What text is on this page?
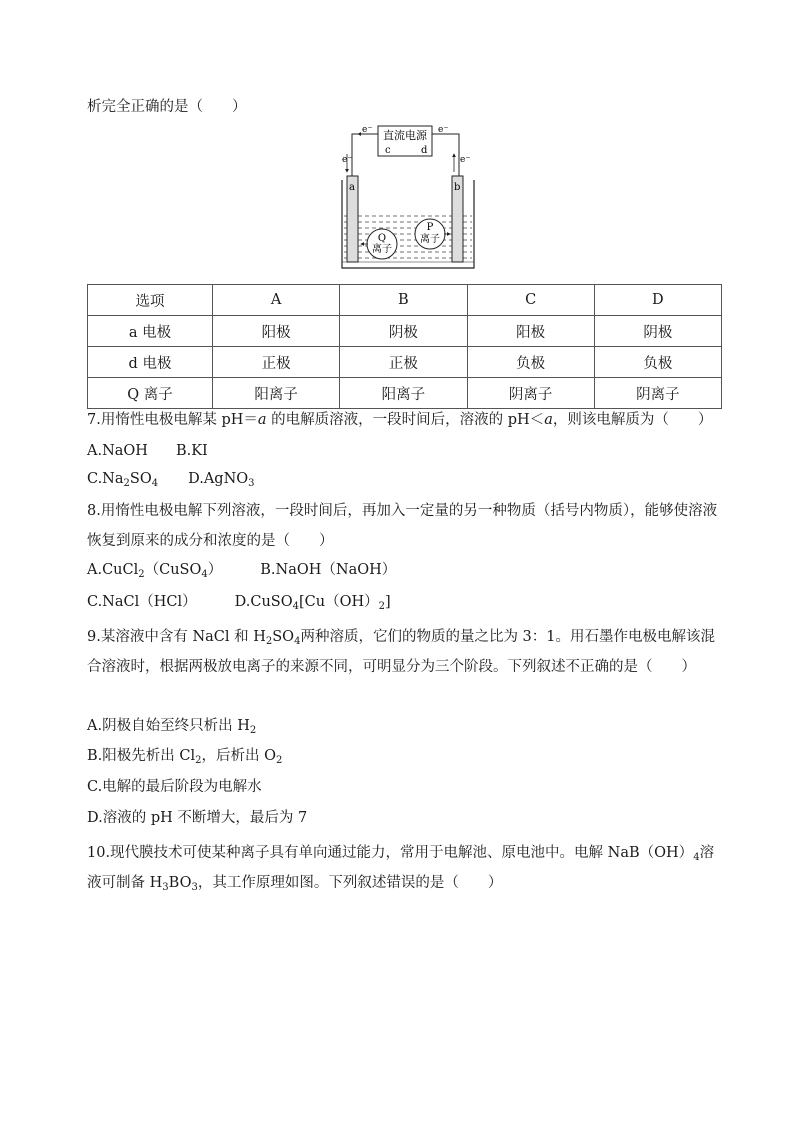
析完全正确的是（　　）
直流电源
c	d
e−	e−
e−	e−
a	b
Q
离子
P
离子
选项	A	B	C	D
a 电极	阳极	阴极	阳极	阴极
d 电极	正极	正极	负极	负极
Q 离子	阳离子	阳离子	阴离子	阴离子
7.用惰性电极电解某 pH＝a 的电解质溶液，一段时间后，溶液的 pH＜a，则该电解质为（　　）
A.NaOH B.KI
$C.Na_2SO_4$ D.AgNO$_3$
8.用惰性电极电解下列溶液，一段时间后，再加入一定量的另一种物质（括号内物质），能够使溶液恢复到原来的成分和浓度的是（　　）
A.CuCl$_2$（CuSO$_4$）	B.NaOH（NaOH）
C.NaCl（HCl）	$D.CuSO_4[Cu(OH)_2]$
9.某溶液中含有 NaCl 和 $H_2SO_4$两种溶质，它们的物质的量之比为 3：1。用石墨作电极电解该混合溶液时，根据两极放电离子的来源不同，可明显分为三个阶段。下列叙述不正确的是（　　）
A.阴极自始至终只析出 $H_2$
B.阳极先析出 $Cl_2$，后析出 $O_2$
C.电解的最后阶段为电解水
D.溶液的 pH 不断增大，最后为 7
10.现代膜技术可使某种离子具有单向通过能力，常用于电解池、原电池中。电解 $NaB(OH)_4$溶液可制备 $H_3BO_3$，其工作原理如图。下列叙述错误的是（　　）
